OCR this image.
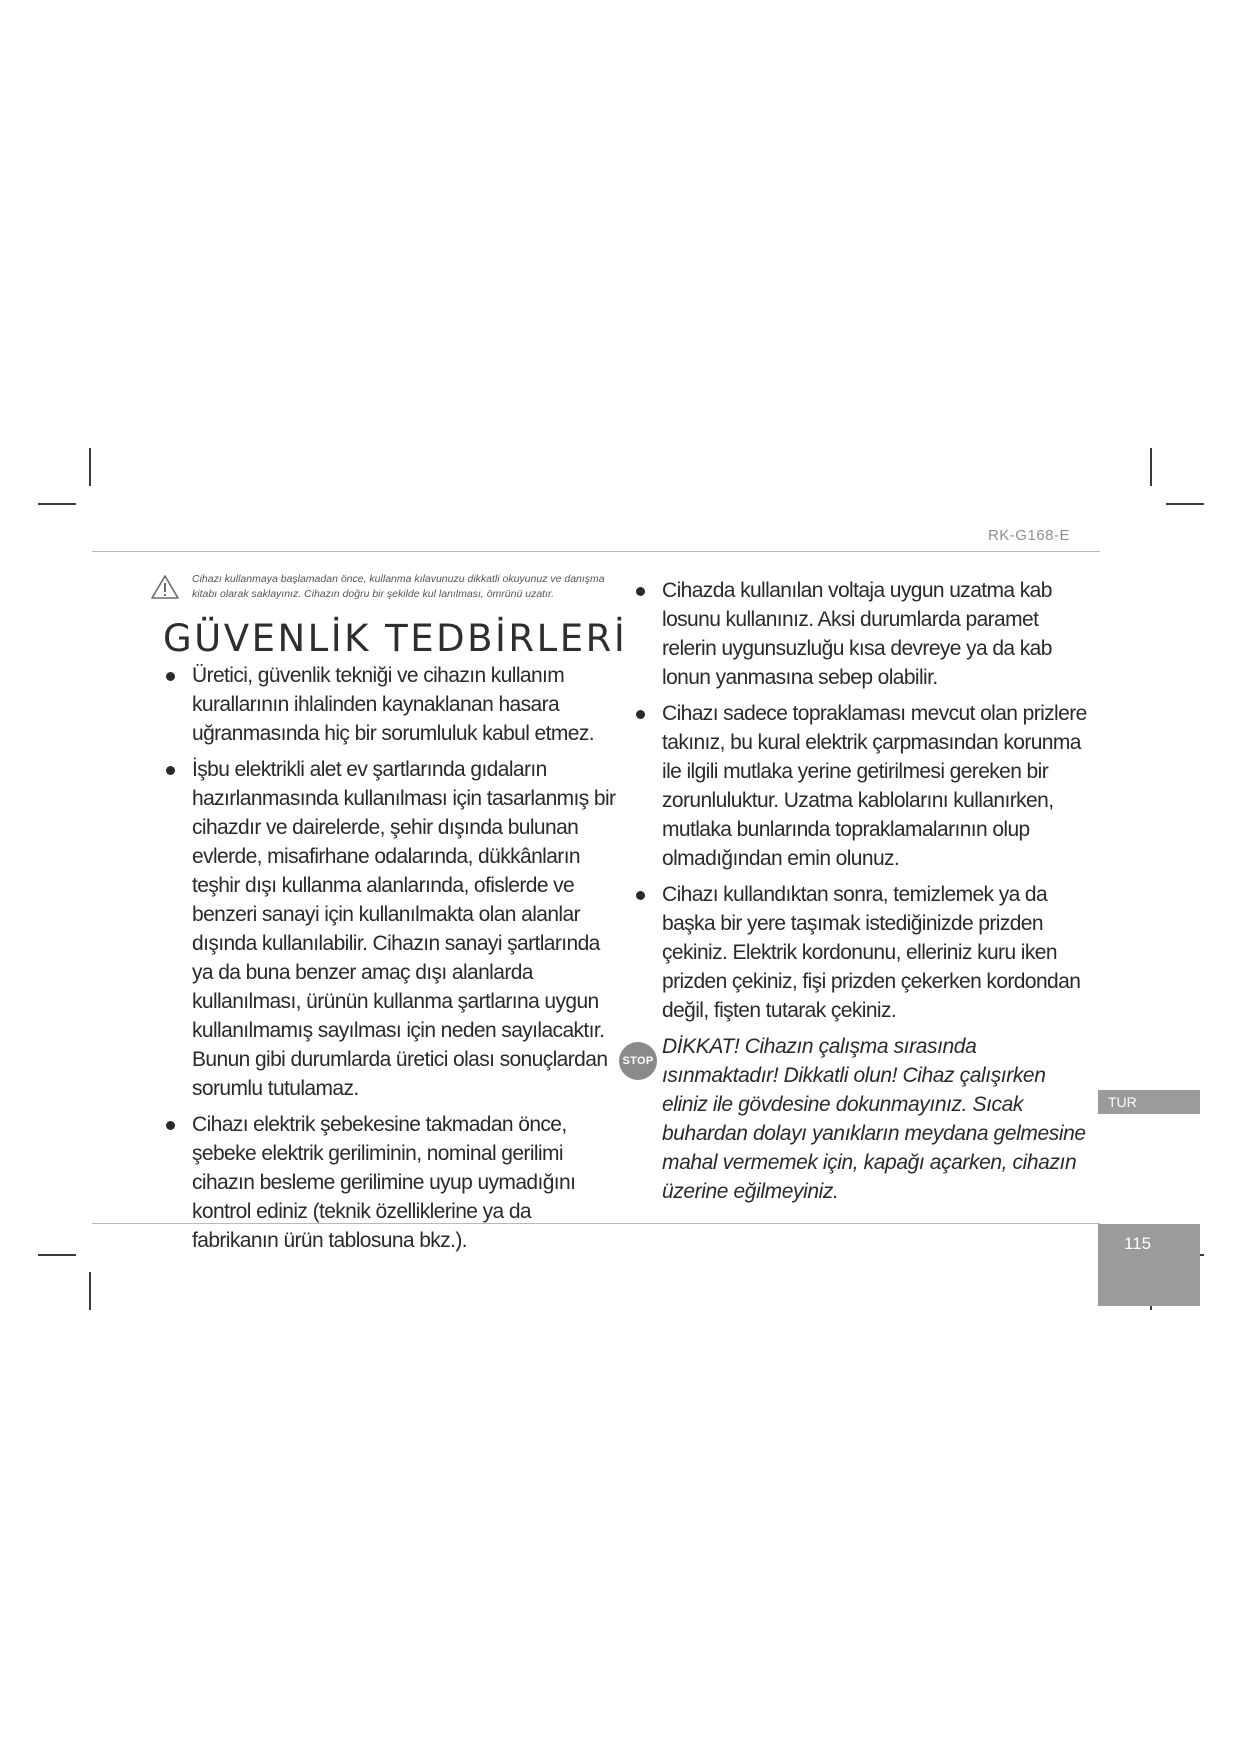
RK-G168-E
Cihazı kullanmaya başlamadan önce, kullanma kılavunuzu dikkatli okuyunuz ve danışma kitabı olarak saklayınız. Cihazın doğru bir şekilde kul lanılması, ömrünü uzatır.
GÜVENLİK TEDBİRLERİ
Üretici, güvenlik tekniği ve cihazın kullanım kurallarının ihlalinden kaynaklanan hasara uğranmasında hiç bir sorumluluk kabul etmez.
İşbu elektrikli alet ev şartlarında gıdaların hazırlanmasında kullanılması için tasarlanmış bir cihazdır ve dairelerde, şehir dışında bulunan evlerde, misafirhane odalarında, dükkânların teşhir dışı kullanma alanlarında, ofislerde ve benzeri sanayi için kullanılmakta olan alanlar dışında kullanılabilir. Cihazın sanayi şartlarında ya da buna benzer amaç dışı alanlarda kullanılması, ürünün kullanma şartlarına uygun kullanılmamış sayılması için neden sayılacaktır. Bunun gibi durumlarda üretici olası sonuçlardan sorumlu tutulamaz.
Cihazı elektrik şebekesine takmadan önce, şebeke elektrik geriliminin, nominal gerilimi cihazın besleme gerilimine uyup uymadığını kontrol ediniz (teknik özelliklerine ya da fabrikanın ürün tablosuna bkz.).
Cihazda kullanılan voltaja uygun uzatma kab losunu kullanınız. Aksi durumlarda paramet relerin uygunsuzluğu kısa devreye ya da kab lonun yanmasına sebep olabilir.
Cihazı sadece topraklaması mevcut olan prizlere takınız, bu kural elektrik çarpmasından korunma ile ilgili mutlaka yerine getirilmesi gereken bir zorunluluktur. Uzatma kablolarını kullanırken, mutlaka bunlarında topraklamalarının olup olmadığından emin olunuz.
Cihazı kullandıktan sonra, temizlemek ya da başka bir yere taşımak istediğinizde prizden çekiniz. Elektrik kordonunu, elleriniz kuru iken prizden çekiniz, fişi prizden çekerken kordondan değil, fişten tutarak çekiniz.
STOP
DİKKAT! Cihazın çalışma sırasında ısınmaktadır! Dikkatli olun! Cihaz çalışırken eliniz ile gövdesine dokunmayınız. Sıcak buhardan dolayı yanıkların meydana gelmesine mahal vermemek için, kapağı açarken, cihazın üzerine eğilmeyiniz.
TUR
115
